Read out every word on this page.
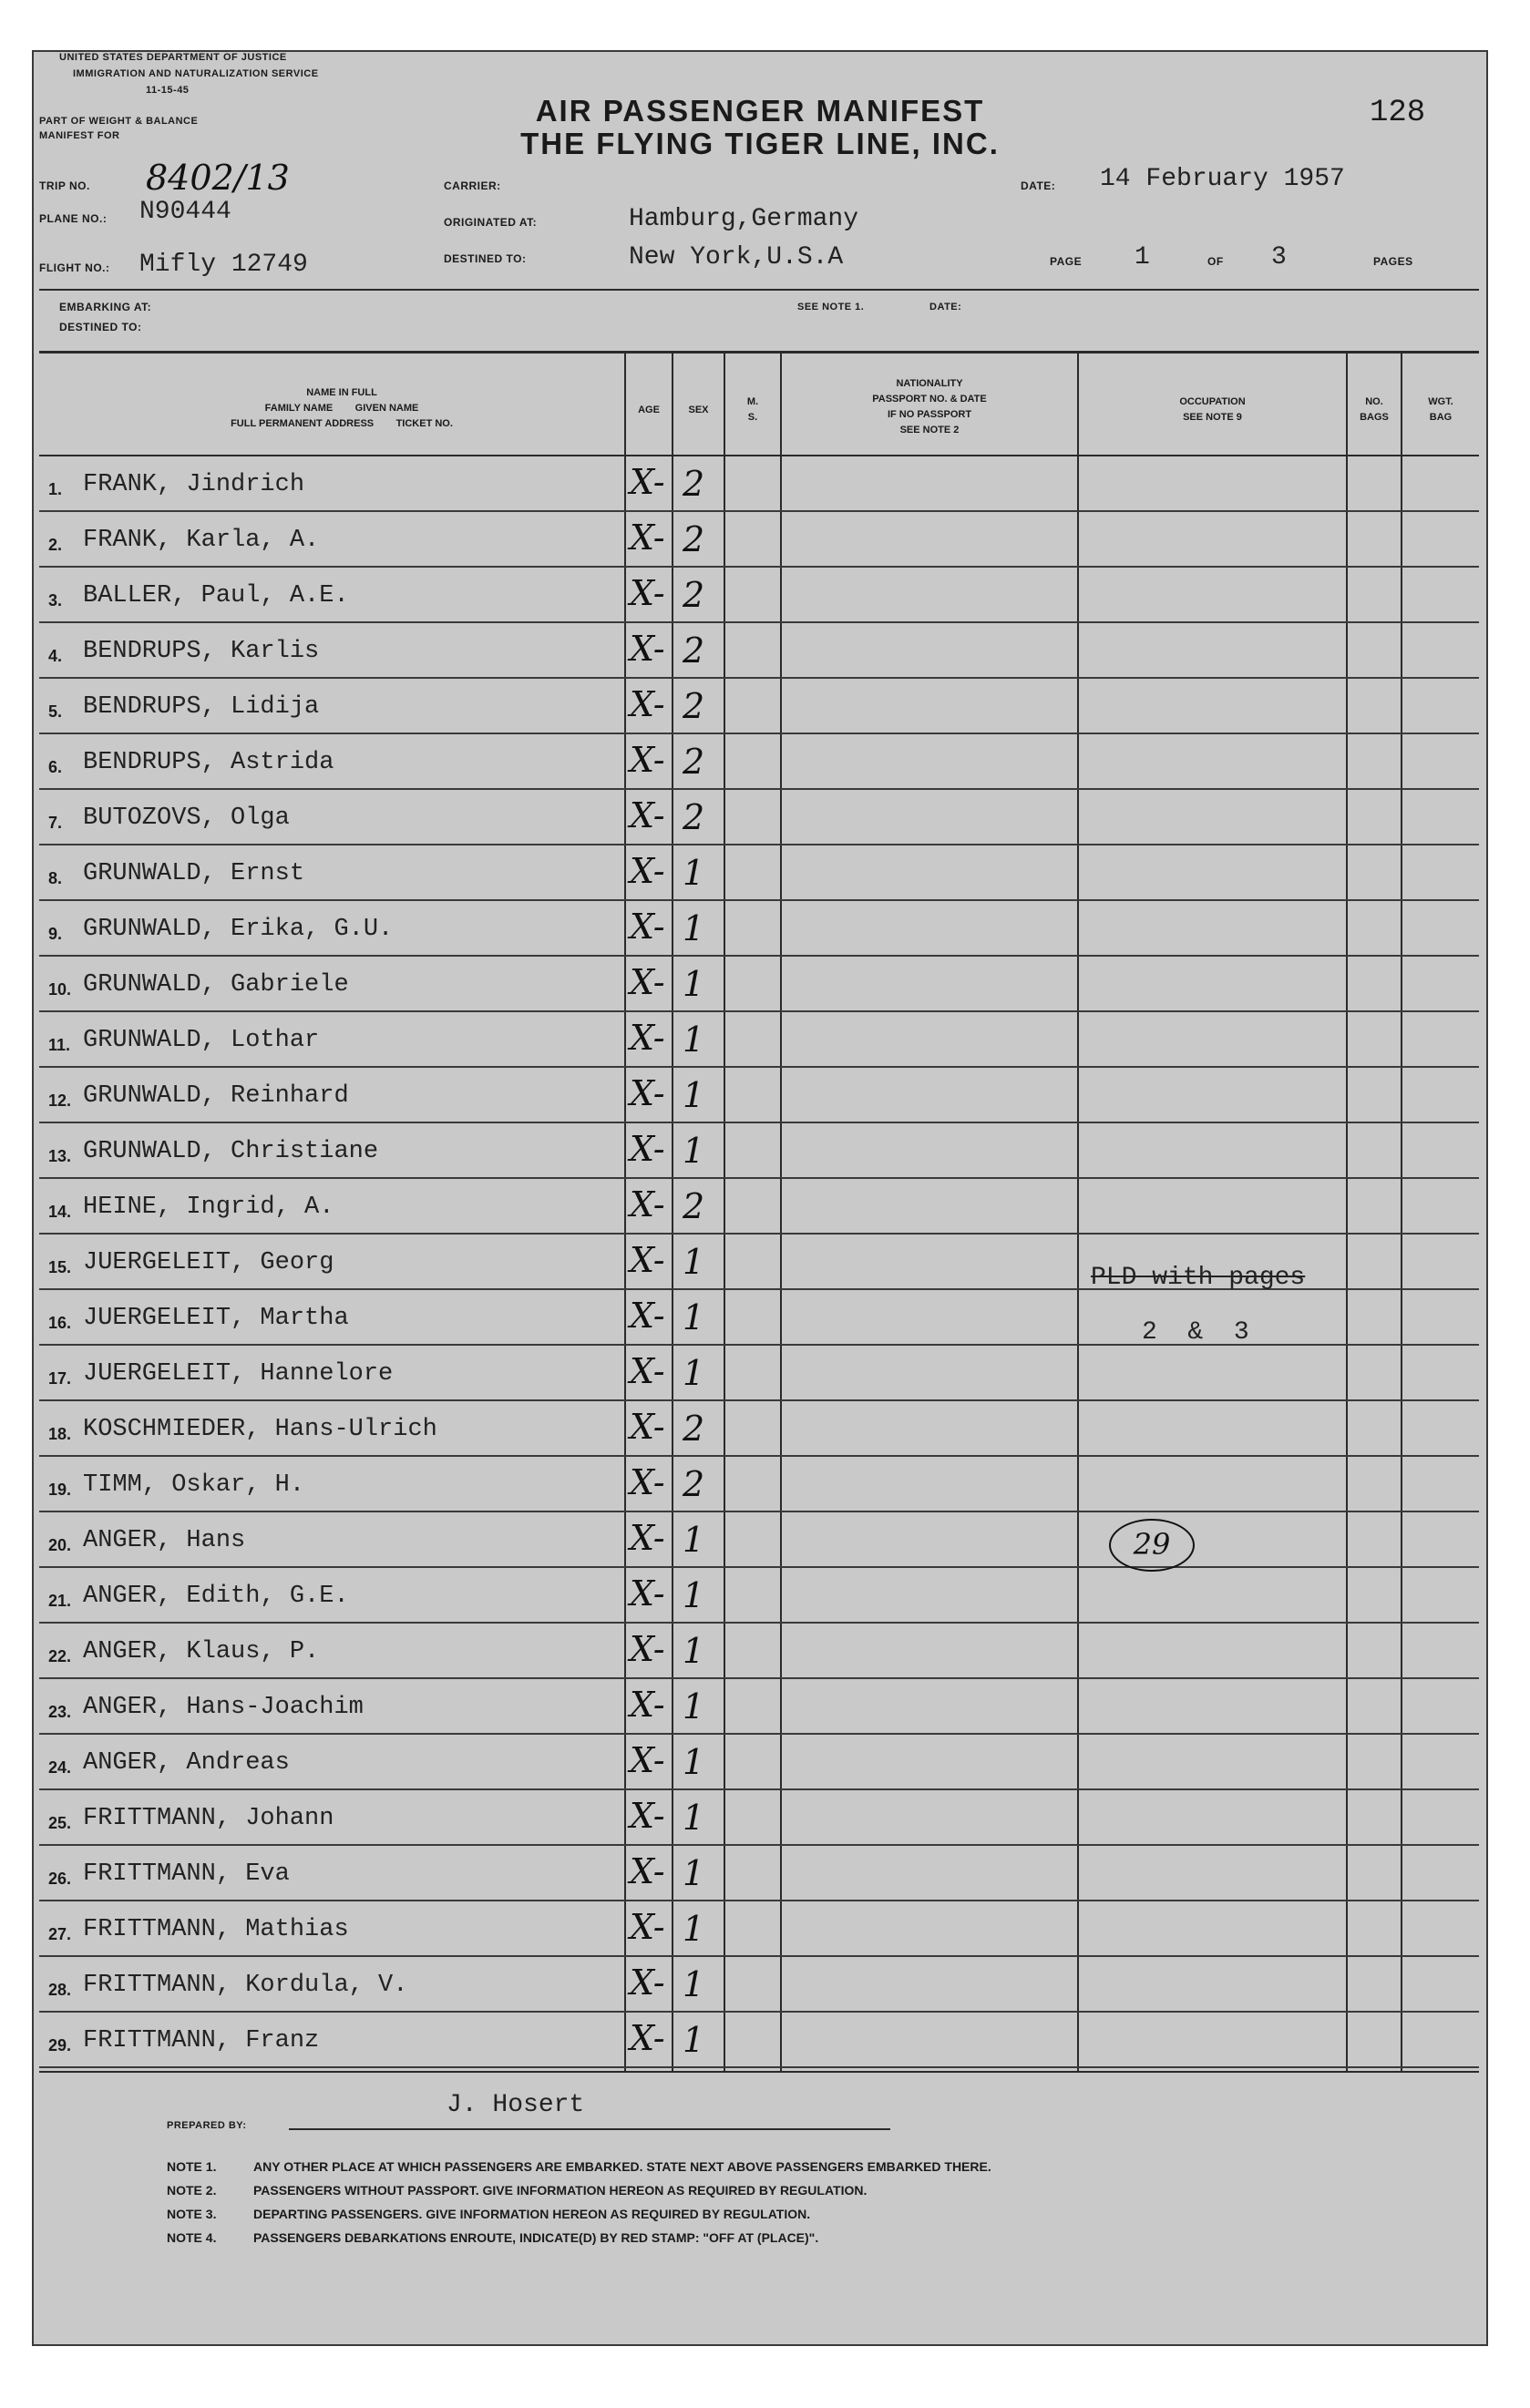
UNITED STATES DEPARTMENT OF JUSTICE
IMMIGRATION AND NATURALIZATION SERVICE
11-15-45
PART OF WEIGHT & BALANCE
MANIFEST FOR
AIR PASSENGER MANIFEST
THE FLYING TIGER LINE, INC.
128
TRIP NO. 8402/13
PLANE NO.: N90444
FLIGHT NO.: Mifly 12749
CARRIER:
ORIGINATED AT:	Hamburg,Germany
DESTINED TO:	New York,U.S.A
DATE: 14 February 1957
PAGE 1	OF 3	PAGES
EMBARKING AT:
DESTINED TO:
SEE NOTE 1.	DATE:
NAME IN FULL
FAMILY NAME        GIVEN NAME
FULL PERMANENT ADDRESS        TICKET NO.
AGE	SEX
M.
S.
NATIONALITY
PASSPORT NO. & DATE
IF NO PASSPORT
SEE NOTE 2
OCCUPATION
SEE NOTE 9
NO.
BAGS
WGT.
BAG
1. FRANK, Jindrich	X- 2
2. FRANK, Karla, A.	X- 2
3. BALLER, Paul, A.E.	X- 2
4. BENDRUPS, Karlis	X- 2
5. BENDRUPS, Lidija	X- 2
6. BENDRUPS, Astrida	X- 2
7. BUTOZOVS, Olga	X- 2
8. GRUNWALD, Ernst	X- 1
9. GRUNWALD, Erika, G.U.	X- 1
10. GRUNWALD, Gabriele	X- 1
11. GRUNWALD, Lothar	X- 1
12. GRUNWALD, Reinhard	X- 1
13. GRUNWALD, Christiane	X- 1
14. HEINE, Ingrid, A.	X- 2
15. JUERGELEIT, Georg	X- 1
16. JUERGELEIT, Martha	X- 1
17. JUERGELEIT, Hannelore	X- 1
18. KOSCHMIEDER, Hans-Ulrich	X- 2
19. TIMM, Oskar, H.	X- 2
20. ANGER, Hans	X- 1
21. ANGER, Edith, G.E.	X- 1
22. ANGER, Klaus, P.	X- 1
23. ANGER, Hans-Joachim	X- 1
24. ANGER, Andreas	X- 1
25. FRITTMANN, Johann	X- 1
26. FRITTMANN, Eva	X- 1
27. FRITTMANN, Mathias	X- 1
28. FRITTMANN, Kordula, V.	X- 1
29. FRITTMANN, Franz	X- 1
PLD with pages
2  &  3
29
J. Hosert
PREPARED BY:
NOTE 1.	ANY OTHER PLACE AT WHICH PASSENGERS ARE EMBARKED. STATE NEXT ABOVE PASSENGERS EMBARKED THERE.
NOTE 2.	PASSENGERS WITHOUT PASSPORT. GIVE INFORMATION HEREON AS REQUIRED BY REGULATION.
NOTE 3.	DEPARTING PASSENGERS. GIVE INFORMATION HEREON AS REQUIRED BY REGULATION.
NOTE 4.	PASSENGERS DEBARKATIONS ENROUTE, INDICATE(D) BY RED STAMP: "OFF AT (PLACE)".
